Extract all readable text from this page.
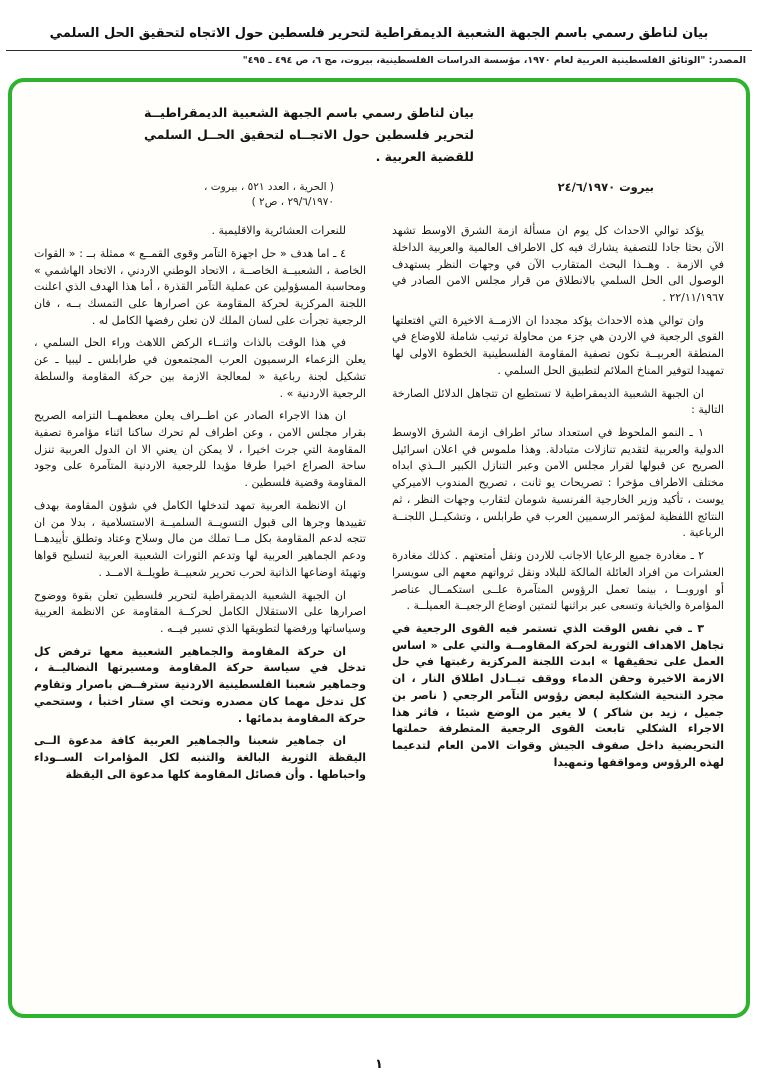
بيان لناطق رسمي باسم الجبهة الشعبية الديمقراطية لتحرير فلسطين حول الاتجاه لتحقيق الحل السلمي
المصدر: "الوثائق الفلسطينية العربية لعام ١٩٧٠، مؤسسة الدراسات الفلسطينية، بيروت، مج ٦، ص ٤٩٤ ـ ٤٩٥"
بيان لناطق رسمي باسم الجبهة الشعبية الديمقراطيــة
لتحرير فلسطين حول الاتجــاه لتحقيق الحــل السلمي
للقضية العربية .
بيروت ٢٤/٦/١٩٧٠
( الحرية ، العدد ٥٢١ ، بيروت ،
٢٩/٦/١٩٧٠ ، ص٢ )

يؤكد توالي الاحداث كل يوم ان مسألة ازمة الشرق الاوسط تشهد الآن بحثا جادا للتصفية يشارك فيه كل الاطراف العالمية والعربية الداخلة في الازمة . وهــذا البحث المتقارب الآن في وجهات النظر يستهدف الوصول الى الحل السلمي بالانطلاق من قرار مجلس الامن الصادر في ٢٢/١١/١٩٦٧ .

وان توالي هذه الاحداث يؤكد مجددا ان الازمــة الاخيرة التي افتعلتها القوى الرجعية في الاردن هي جزء من محاولة ترتيب شاملة للاوضاع في المنطقة العربيــة تكون تصفية المقاومة الفلسطينية الخطوة الاولى لها تمهيدا لتوفير المناخ الملائم لتطبيق الحل السلمي .

ان الجبهة الشعبية الديمقراطية لا تستطيع ان تتجاهل الدلائل الصارخة التالية :

١ ـ النمو الملحوظ في استعداد سائر اطراف ازمة الشرق الاوسط الدولية والعربية لتقديم تنازلات متبادلة. وهذا ملموس في اعلان اسرائيل الصريح عن قبولها لقرار مجلس الامن وعبر التنازل الكبير الــذي ابداه مختلف الاطراف مؤخرا : تصريحات يو ثانت ، تصريح المندوب الاميركي يوست ، تأكيد وزير الخارجية الفرنسية شومان لتقارب وجهات النظر ، ثم النتائج اللفظية لمؤتمر الرسميين العرب في طرابلس ، وتشكيــل اللجنــة الرباعية .

٢ ـ مغادرة جميع الرعايا الاجانب للاردن ونقل أمتعتهم . كذلك مغادرة العشرات من افراد العائلة المالكة للبلاد ونقل ثرواتهم معهم الى سويسرا أو اوروبــا ، بينما تعمل الرؤوس المتآمرة علــى استكمــال عناصر المؤامرة والخيانة وتسعى عبر براثنها لتمتين اوضاع الرجعيــة العميلــة .

٣ ـ في نفس الوقت الذي تستمر فيه القوى الرجعية في تجاهل الاهداف الثورية لحركة المقاومــة والتي على « اساس العمل على تحقيقها » ابدت اللجنة المركزية رغبتها في حل الازمة الاخيرة وحقن الدماء ووقف تبــادل اطلاق النار ، ان مجرد التنحية الشكلية لبعض رؤوس التآمر الرجعي ( ناصر بن جميل ، زيد بن شاكر ) لا يغير من الوضع شيئا ، فاثر هذا الاجراء الشكلي تابعت القوى الرجعية المتطرفة حملتها التحريضية داخل صفوف الجيش وقوات الامن العام لتدعيما لهذه الرؤوس ومواقفها وتمهيدا

للنعرات العشائرية والاقليمية .

٤ ـ اما هدف « حل اجهزة التآمر وقوى القمــع » ممثلة بــ : « القوات الخاصة ، الشعبيــة الخاصــة ، الاتحاد الوطني الاردني ، الاتحاد الهاشمي » ومحاسبة المسؤولين عن عملية التآمر القذرة ، أما هذا الهدف الذي اعلنت اللجنة المركزية لحركة المقاومة عن اصرارها على التمسك بــه ، فان الرجعية تجرأت على لسان الملك لان تعلن رفضها الكامل له .

في هذا الوقت بالذات واثنــاء الركض اللاهث وراء الحل السلمي ، يعلن الزعماء الرسميون العرب المجتمعون في طرابلس ـ ليبيا ـ عن تشكيل لجنة رباعية « لمعالجة الازمة بين حركة المقاومة والسلطة الرجعية الاردنية » .

ان هذا الاجراء الصادر عن اطــراف يعلن معظمهــا التزامه الصريح بقرار مجلس الامن ، وعن اطراف لم تحرك ساكنا اثناء مؤامرة تصفية المقاومة التي جرت اخيرا ، لا يمكن ان يعني الا ان الدول العربية تنزل ساحة الصراع اخيرا طرفا مؤيدا للرجعية الاردنية المتآمرة على وجود المقاومة وقضية فلسطين .

ان الانظمة العربية تمهد لتدخلها الكامل في شؤون المقاومة بهدف تقييدها وجرها الى قبول التسويــة السلميــة الاستسلامية ، بدلا من ان تتجه لدعم المقاومة بكل مــا تملك من مال وسلاح وعتاد وتطلق تأييدهــا ودعم الجماهير العربية لها وتدعم الثورات الشعبية العربية لتسليح قواها وتهيئة اوضاعها الذاتية لحرب تحرير شعبيــة طويلــة الامــد .

ان الجبهة الشعبية الديمقراطية لتحرير فلسطين تعلن بقوة ووضوح اصرارها على الاستقلال الكامل لحركــة المقاومة عن الانظمة العربية وسياساتها ورفضها لتطويقها الذي تسير فيــه .

ان حركة المقاومة والجماهير الشعبية معها ترفض كل تدخل في سياسة حركة المقاومة ومسيرتها النضاليــة ، وجماهير شعبنا الفلسطينية الاردنية سترفــض باصرار وتقاوم كل تدخل مهما كان مصدره وتحت اي ستار اختبأ ، وستحمي حركة المقاومة بدمائها .

ان جماهير شعبنا والجماهير العربية كافة مدعوة الــى اليقظة الثورية البالغة والتنبه لكل المؤامرات الســوداء واحباطها . وأن فصائل المقاومة كلها مدعوة الى اليقظة

١
